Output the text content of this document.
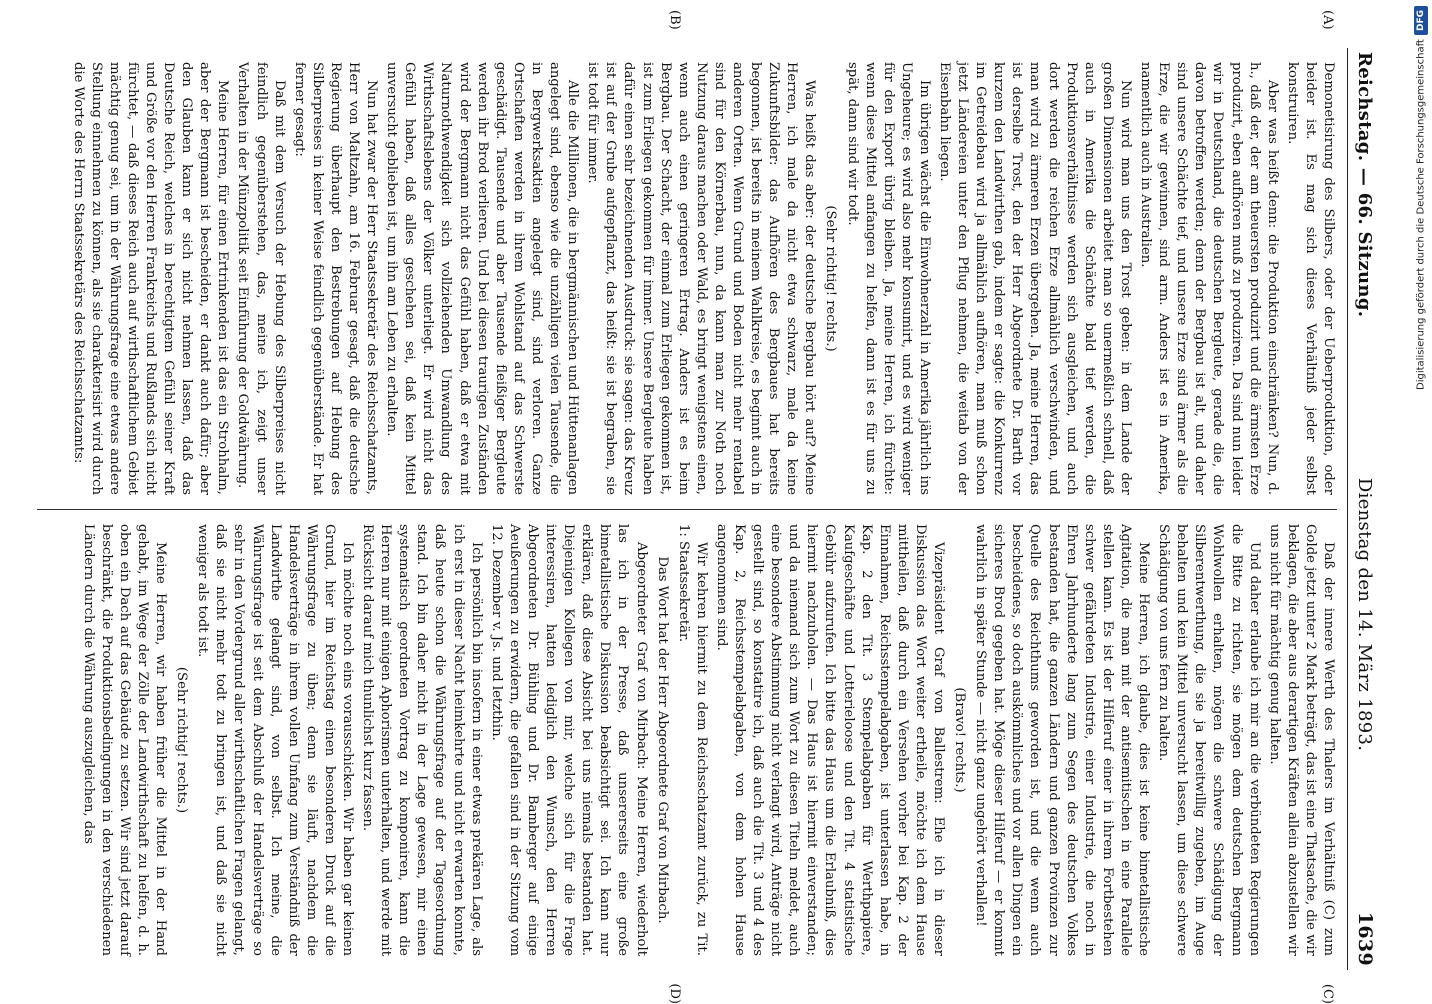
Reichstag. — 66. Sitzung.
Dienstag den 14. März 1893.
1639
(A)
(B)
(C)
(D)

Demonetisirung des Silbers, oder der Ueberproduktion, oder beider ist. Es mag sich dieses Verhältniß jeder selbst konstruiren.

Aber was heißt denn: die Produktion einschränken? Nun, d. h., daß der, der am theuersten produzirt und die ärmsten Erze produzirt, eben aufhören muß zu produziren. Da sind nun leider wir in Deutschland, die deutschen Bergleute, gerade die, die davon betroffen werden; denn der Bergbau ist alt, und daher sind unsere Schächte tief, und unsere Erze sind ärmer als die Erze, die wir gewinnen, sind arm. Anders ist es in Amerika, namentlich auch in Australien.

Nun wird man uns den Trost geben: in dem Lande der großen Dimensionen arbeitet man so unermeßlich schnell, daß auch in Amerika die Schächte bald tief werden, die Produktionsverhältnisse werden sich ausgleichen, und auch dort werden die reichen Erze allmählich verschwinden, und man wird zu ärmeren Erzen übergehen. Ja, meine Herren, das ist derselbe Trost, den der Herr Abgeordnete Dr. Barth vor kurzem den Landwirthen gab, indem er sagte: die Konkurrenz im Getreidebau wird ja allmählich aufhören, man muß schon jetzt Ländereien unter den Pflug nehmen, die weitab von der Eisenbahn liegen.

Im übrigen wächst die Einwohnerzahl in Amerika jährlich ins Ungeheure; es wird also mehr konsumirt, und es wird weniger für den Export übrig bleiben. Ja, meine Herren, ich fürchte: wenn diese Mittel anfangen zu helfen, dann ist es für uns zu spät, dann sind wir todt.

(Sehr richtig! rechts.)

Was heißt das aber: der deutsche Bergbau hört auf? Meine Herren, ich male da nicht etwa schwarz, male da keine Zukunftsbilder: das Aufhören des Bergbaues hat bereits begonnen, ist bereits in meinem Wahlkreise, es beginnt auch in anderen Orten. Wenn Grund und Boden nicht mehr rentabel sind für den Körnerbau, nun, da kann man zur Noth noch Nutzung daraus machen oder Wald, es bringt wenigstens einen, wenn auch einen geringeren Ertrag. Anders ist es beim Bergbau. Der Schacht, der einmal zum Erliegen gekommen ist, ist zum Erliegen gekommen für immer. Unsere Bergleute haben dafür einen sehr bezeichnenden Ausdruck: sie sagen: das Kreuz ist auf der Grube aufgepflanzt, das heißt: sie ist begraben, sie ist todt für immer.

Alle die Millionen, die in bergmännischen und Hüttenanlagen angelegt sind, ebenso wie die unzähligen vielen Tausende, die in Bergwerksaktien angelegt sind, sind verloren. Ganze Ortschaften werden in ihrem Wohlstand auf das Schwerste geschädigt. Tausende und aber Tausende fleißiger Bergleute werden ihr Brod verlieren. Und bei diesen traurigen Zuständen wird der Bergmann nicht das Gefühl haben, daß er etwa mit Naturnothwendigkeit sich vollziehenden Umwandlung des Wirthschaftslebens der Völker unterliegt. Er wird nicht das Gefühl haben, daß alles geschehen sei, daß kein Mittel unversucht geblieben ist, um ihn am Leben zu erhalten.

Nun hat zwar der Herr Staatssekretär des Reichsschatzamts, Herr von Maltzahn, am 16. Februar gesagt, daß die deutsche Regierung überhaupt den Bestrebungen auf Hebung des Silberpreises in keiner Weise feindlich gegenüberstände. Er hat ferner gesagt:

Daß mit dem Versuch der Hebung des Silberpreises nicht feindlich gegenüberstehen, das, meine ich, zeigt unser Verhalten in der Münzpolitik seit Einführung der Goldwährung.

Meine Herren, für einen Ertrinkenden ist das ein Strohhalm, aber der Bergmann ist bescheiden, er dankt auch dafür; aber den Glauben kann er sich nicht nehmen lassen, daß das Deutsche Reich, welches in berechtigtem Gefühl seiner Kraft und Größe vor den Herren Frankreichs und Rußlands sich nicht fürchtet, — daß dieses Reich auch auf wirthschaftlichem Gebiet mächtig genug sei, um in der Währungsfrage eine etwas andere Stellung einnehmen zu können, als sie charakterisirt wird durch die Worte des Herrn Staatssekretärs des Reichsschatzamts:

Daß der innere Werth des Thalers im Verhältniß (C) zum Golde jetzt unter 2 Mark beträgt, das ist eine Thatsache, die wir beklagen, die aber aus derartigen Kräften allein abzustellen wir uns nicht für mächtig genug halten.

Und daher erlaube ich mir an die verbündeten Regierungen die Bitte zu richten, sie mögen dem deutschen Bergmann Wohlwollen erhalten, mögen die schwere Schädigung der Silberentwerthung, die sie ja bereitwillig zugeben, im Auge behalten und kein Mittel unversucht lassen, um diese schwere Schädigung von uns fern zu halten.

Meine Herren, ich glaube, dies ist keine bimetallistische Agitation, die man mit der antisemitischen in eine Parallele stellen kann. Es ist der Hilferuf einer in ihrem Fortbestehen schwer gefährdeten Industrie, einer Industrie, die noch in Ehren Jahrhunderte lang zum Segen des deutschen Volkes bestanden hat, die ganzen Ländern und ganzen Provinzen zur Quelle des Reichthums geworden ist, und die wenn auch bescheidenes, so doch auskömmliches und vor allen Dingen ein sicheres Brod gegeben hat. Möge dieser Hilferuf — er kommt wahrlich in später Stunde — nicht ganz ungehört verhallen!

(Bravo! rechts.)

Vizepräsident Graf von Ballestrem: Ehe ich in dieser Diskussion das Wort weiter ertheile, möchte ich dem Hause mittheilen, daß durch ein Versehen vorher bei Kap. 2 der Einnahmen, Reichsstempelabgaben, ist unterlassen habe, in Kap. 2 den Tit. 3 Stempelabgaben für Werthpapiere, Kaufgeschäfte und Lotterieloose und den Tit. 4 statistische Gebühr aufzurufen. Ich bitte das Haus um die Erlaubniß, dies hiermit nachzuholen. — Das Haus ist hiermit einverstanden; und da niemand sich zum Wort zu diesen Titeln meldet, auch eine besondere Abstimmung nicht verlangt wird, Anträge nicht gestellt sind, so konstatire ich, daß auch die Tit. 3 und 4 des Kap. 2, Reichsstempelabgaben, von dem hohen Hause angenommen sind.

Wir kehren hiermit zu dem Reichsschatzamt zurück, zu Tit. 1: Staatssekretär.

Das Wort hat der Herr Abgeordnete Graf von Mirbach.

Abgeordneter Graf von Mirbach: Meine Herren, wiederholt las ich in der Presse, daß unsererseits eine große bimetallistische Diskussion beabsichtigt sei. Ich kann nur erklären, daß diese Absicht bei uns niemals bestanden hat. Diejenigen Kollegen von mir, welche sich für die Frage interessiren, hatten lediglich den Wunsch, den Herren Abgeordneten Dr. Bühling und Dr. Bamberger auf einige Aeußerungen zu erwidern, die gefallen sind in der Sitzung vom 12. Dezember v. Js. und letzthin.

Ich persönlich bin insofern in einer etwas prekären Lage, als ich erst in dieser Nacht heimkehrte und nicht erwarten konnte, daß heute schon die Währungsfrage auf der Tagesordnung stand. Ich bin daher nicht in der Lage gewesen, mir einen systematisch geordneten Vortrag zu komponiren, kann die Herren nur mit einigen Aphorismen unterhalten, und werde mit Rücksicht darauf mich thunlichst kurz fassen.

Ich möchte noch eins vorausschicken. Wir haben gar keinen Grund, hier im Reichstag einen besonderen Druck auf die Währungsfrage zu üben; denn sie läuft, nachdem die Handelsverträge in ihrem vollen Umfang zum Verständniß der Landwirthe gelangt sind, von selbst. Ich meine, die Währungsfrage ist seit dem Abschluß der Handelsverträge so sehr in den Vordergrund aller wirthschaftlichen Fragen gelangt, daß sie nicht mehr todt zu bringen ist, und daß sie nicht weniger als todt ist.

(Sehr richtig! rechts.)

Meine Herren, wir haben früher die Mittel in der Hand gehabt, im Wege der Zölle der Landwirthschaft zu helfen, d. h. oben ein Dach auf das Gebäude zu setzen. Wir sind jetzt darauf beschränkt, die Produktionsbedingungen in den verschiedenen Ländern durch die Währung auszugleichen, das

Digitalisierung gefördert durch die Deutsche Forschungsgemeinschaft
DFG
